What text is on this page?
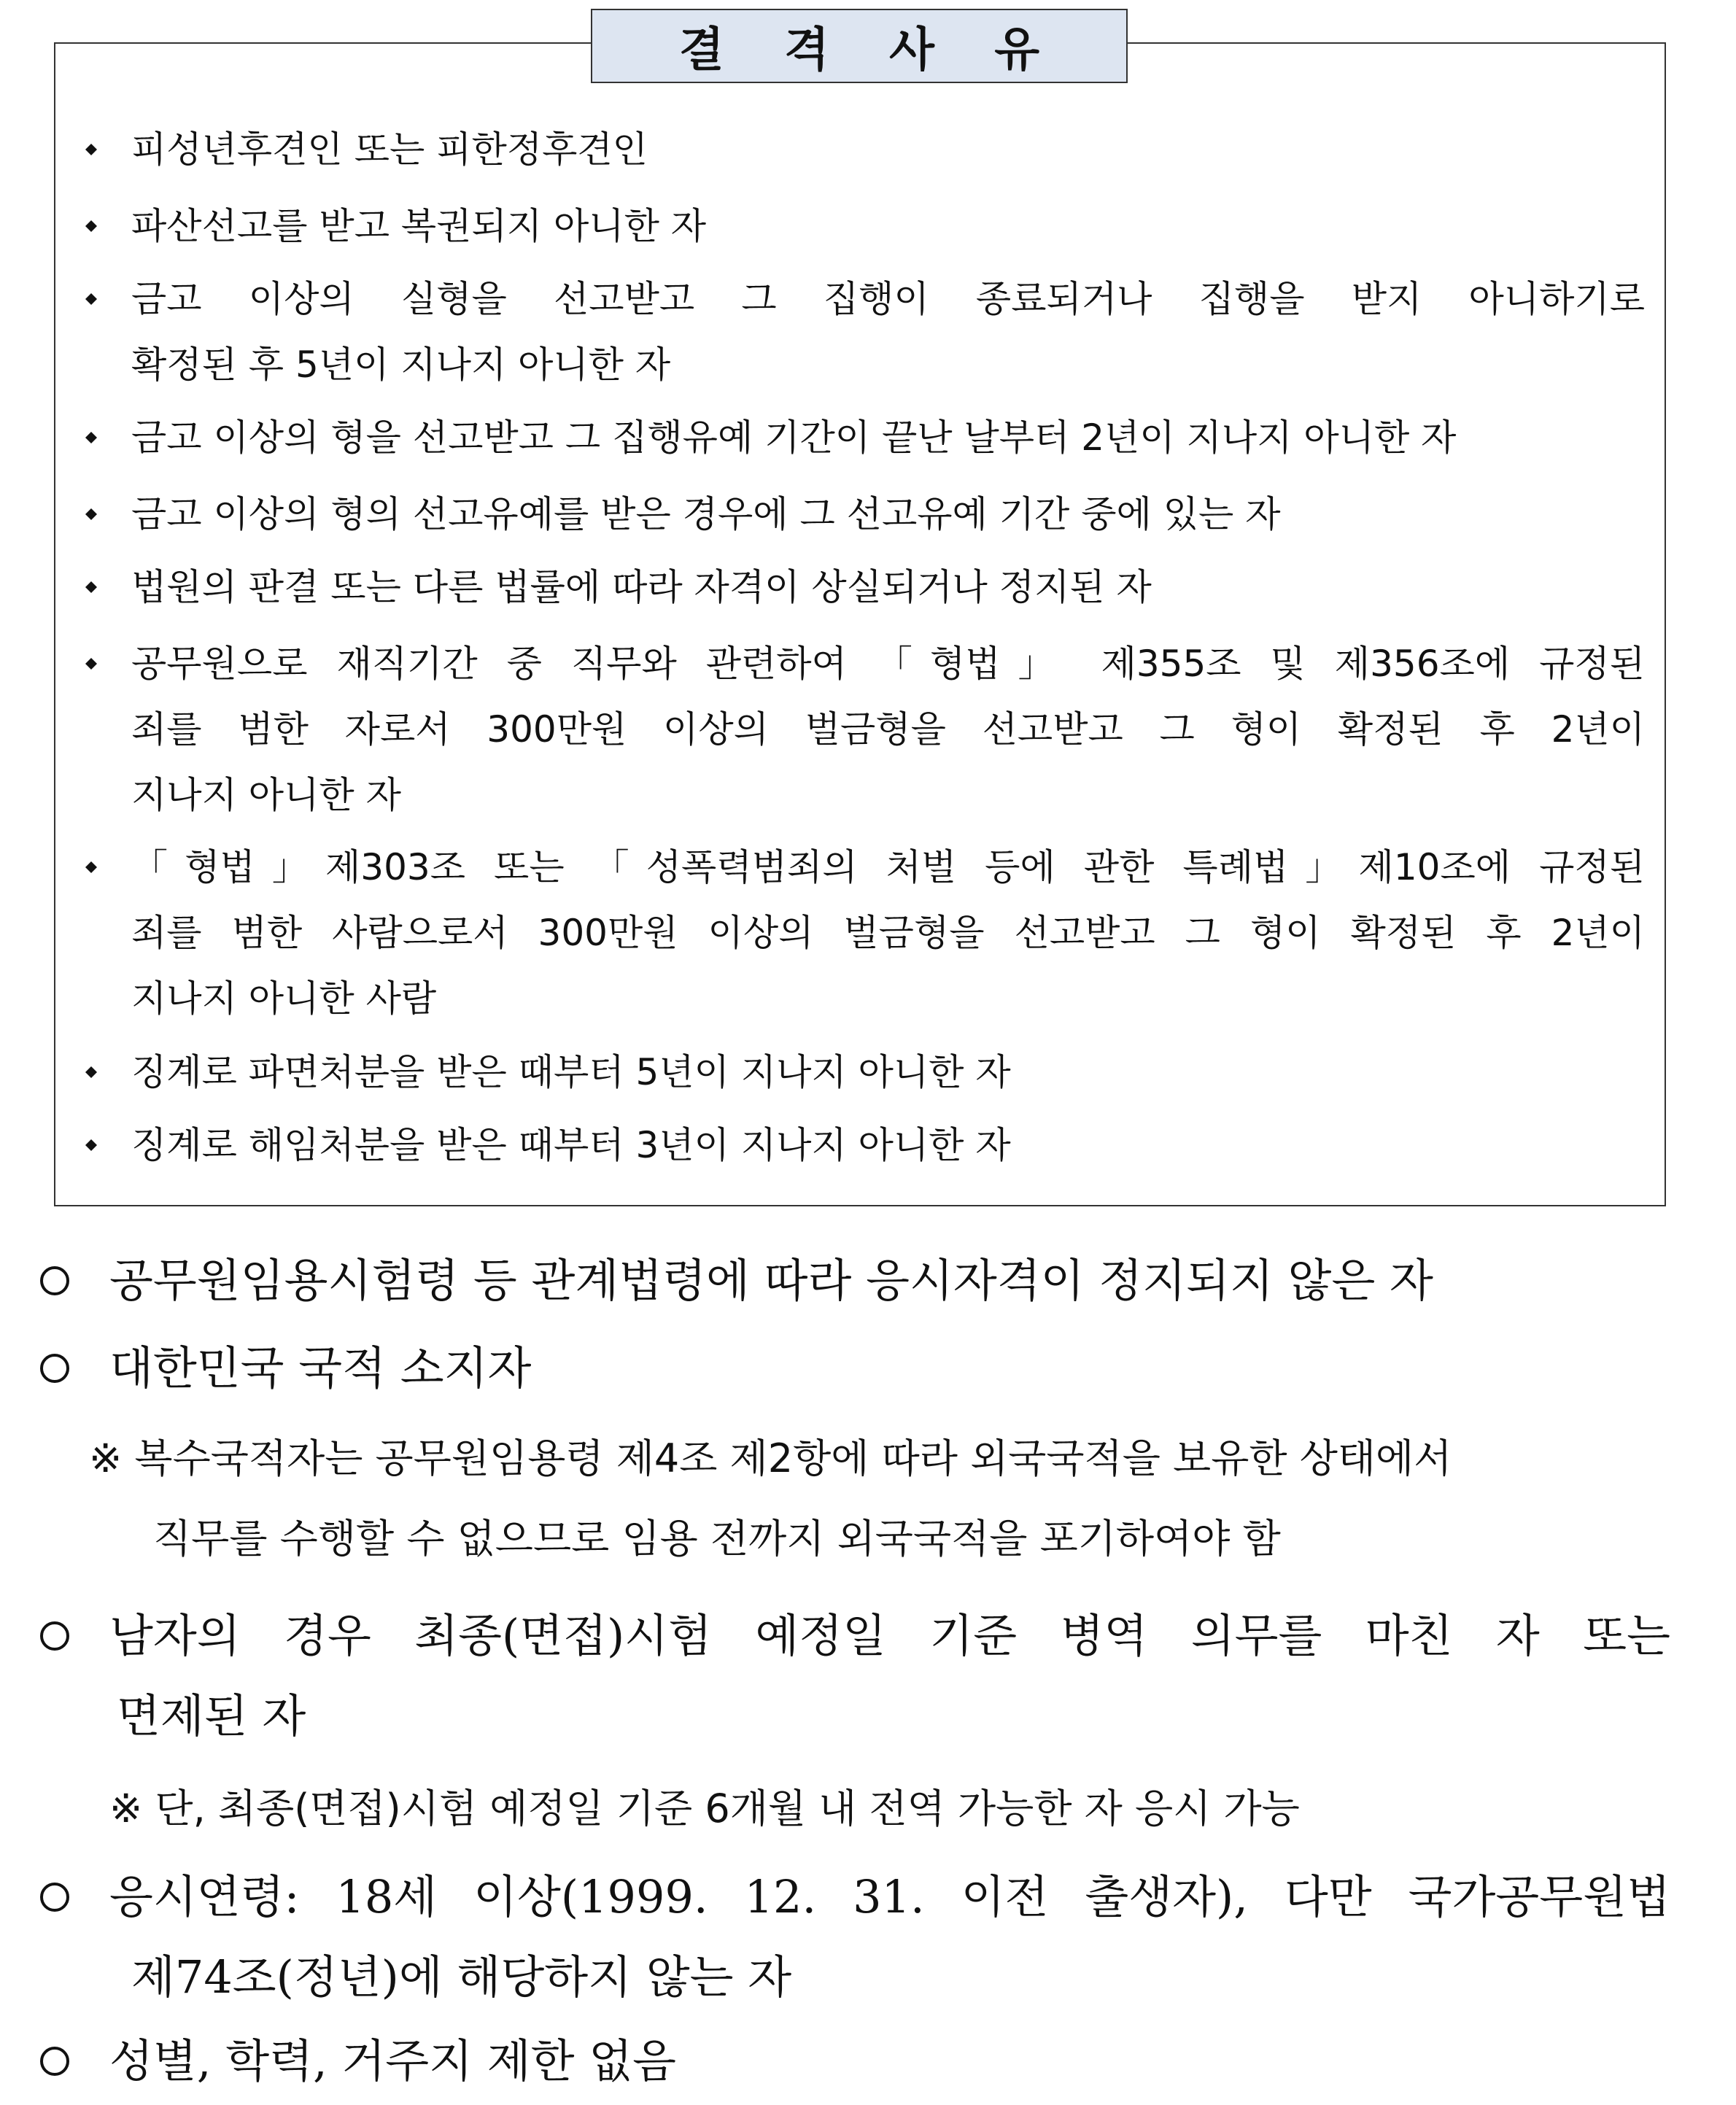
결 격 사 유
피성년후견인 또는 피한정후견인
파산선고를 받고 복권되지 아니한 자
금고 이상의 실형을 선고받고 그 집행이 종료되거나 집행을 받지 아니하기로
확정된 후 5년이 지나지 아니한 자
금고 이상의 형을 선고받고 그 집행유예 기간이 끝난 날부터 2년이 지나지 아니한 자
금고 이상의 형의 선고유예를 받은 경우에 그 선고유예 기간 중에 있는 자
법원의 판결 또는 다른 법률에 따라 자격이 상실되거나 정지된 자
공무원으로 재직기간 중 직무와 관련하여 「형법」 제355조 및 제356조에 규정된
죄를 범한 자로서 300만원 이상의 벌금형을 선고받고 그 형이 확정된 후 2년이
지나지 아니한 자
「형법」제303조 또는 「성폭력범죄의 처벌 등에 관한 특례법」제10조에 규정된
죄를 범한 사람으로서 300만원 이상의 벌금형을 선고받고 그 형이 확정된 후 2년이
지나지 아니한 사람
징계로 파면처분을 받은 때부터 5년이 지나지 아니한 자
징계로 해임처분을 받은 때부터 3년이 지나지 아니한 자
공무원임용시험령 등 관계법령에 따라 응시자격이 정지되지 않은 자
대한민국 국적 소지자
※ 복수국적자는 공무원임용령 제4조 제2항에 따라 외국국적을 보유한 상태에서
직무를 수행할 수 없으므로 임용 전까지 외국국적을 포기하여야 함
남자의 경우 최종(면접)시험 예정일 기준 병역 의무를 마친 자 또는
면제된 자
※ 단, 최종(면접)시험 예정일 기준 6개월 내 전역 가능한 자 응시 가능
응시연령: 18세 이상(1999. 12. 31. 이전 출생자), 다만 국가공무원법
제74조(정년)에 해당하지 않는 자
성별, 학력, 거주지 제한 없음
